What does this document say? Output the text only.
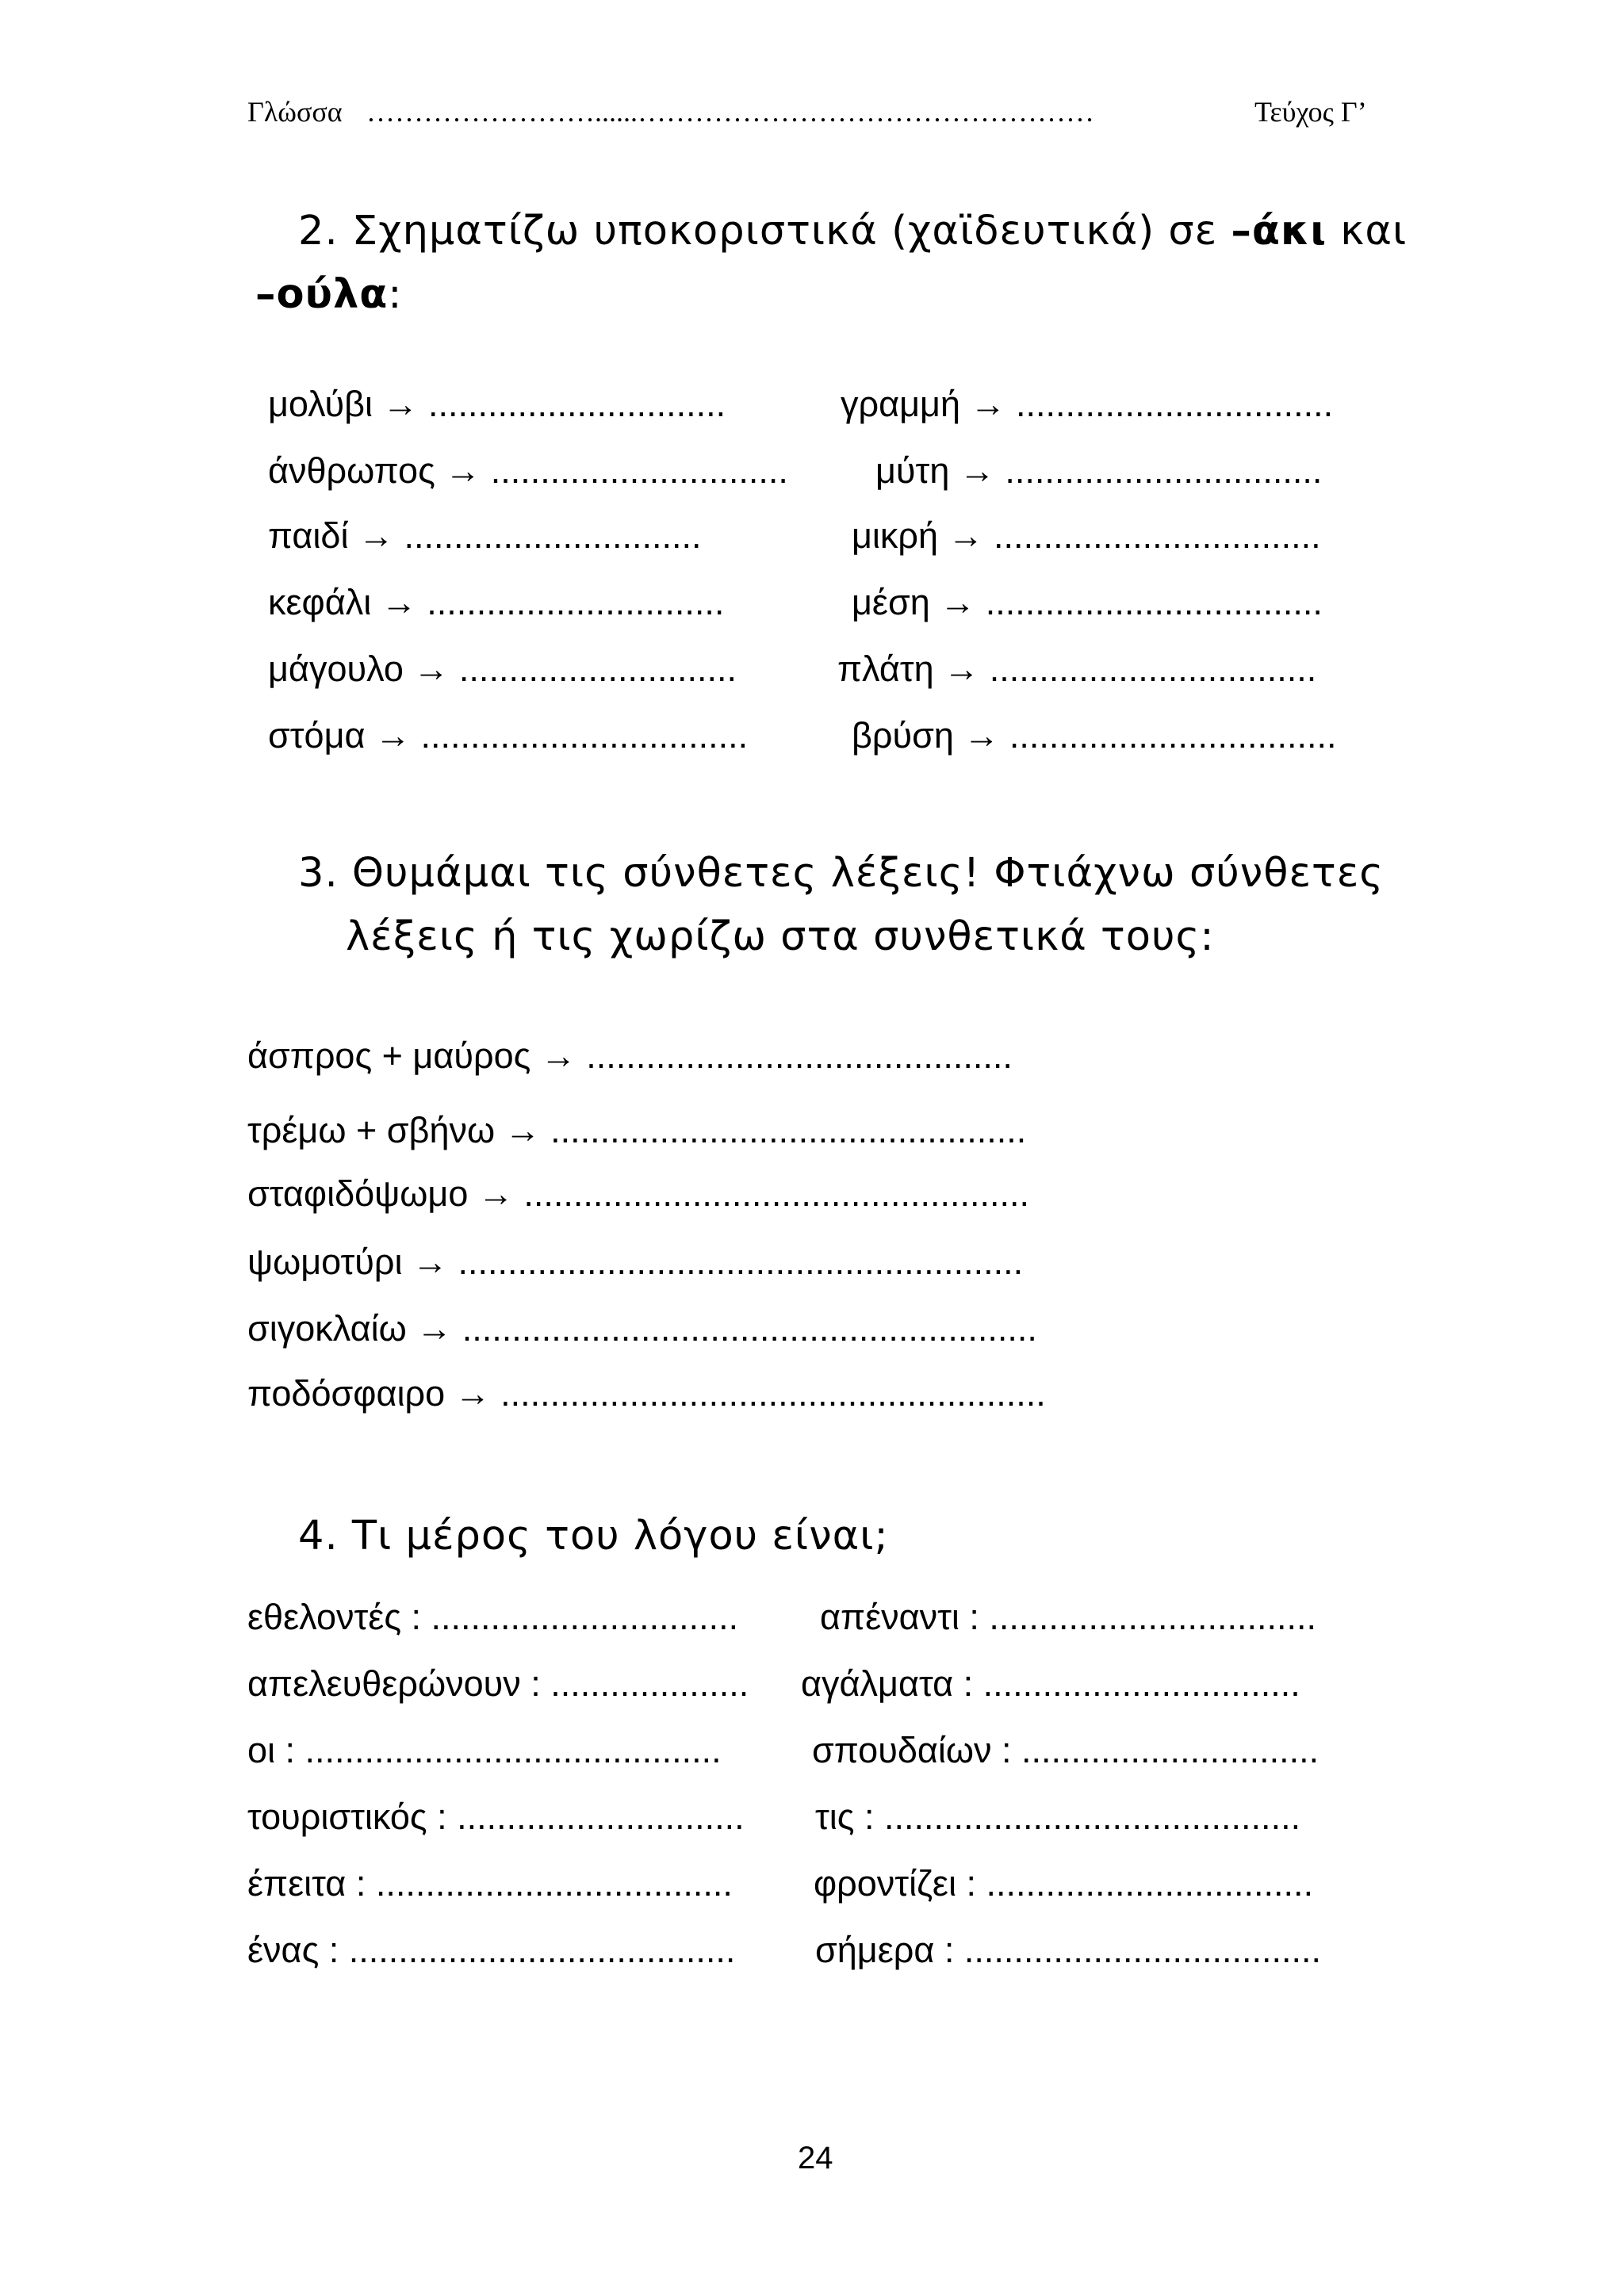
Γλώσσα ……………………......…………………………………………	Τεύχος Γ’
2. Σχηματίζω υποκοριστικά (χαϊδευτικά) σε –άκι και
–ούλα:
μολύβι → ..............................
άνθρωπος → ..............................
παιδί → ..............................
κεφάλι → ..............................
μάγουλο → ............................
στόμα → .................................
γραμμή → ................................
μύτη → ................................
μικρή → .................................
μέση → ..................................
πλάτη → .................................
βρύση → .................................
3. Θυμάμαι τις σύνθετες λέξεις! Φτιάχνω σύνθετες
λέξεις ή τις χωρίζω στα συνθετικά τους:
άσπρος + μαύρος → ...........................................
τρέμω + σβήνω → ................................................
σταφιδόψωμο → ...................................................
ψωμοτύρι → .........................................................
σιγοκλαίω → ..........................................................
ποδόσφαιρο → .......................................................
4. Τι μέρος του λόγου είναι;
εθελοντές : ...............................
απελευθερώνουν : ....................
οι : ..........................................
τουριστικός : .............................
έπειτα : ....................................
ένας : .......................................
απέναντι : .................................
αγάλματα : ................................
σπουδαίων : ..............................
τις : ..........................................
φροντίζει : .................................
σήμερα : ....................................
24
